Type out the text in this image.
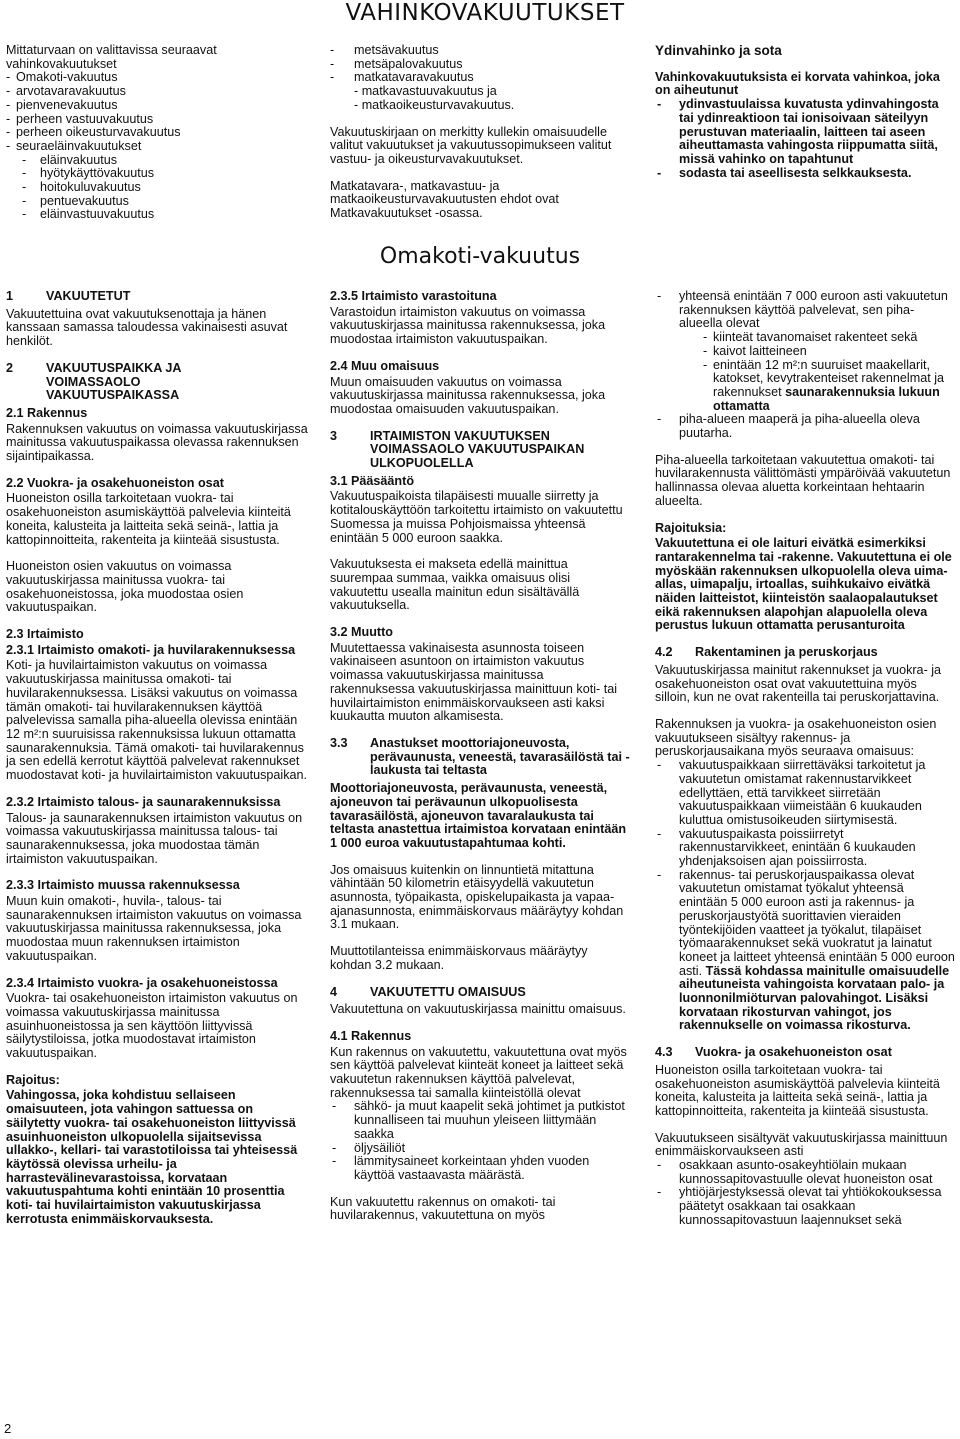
VAHINKOVAKUUTUKSET

Mittaturvaan on valittavissa seuraavat vahinkovakuutukset

- Omakoti-vakuutus
- arvotavaravakuutus
- pienvenevakuutus
- perheen vastuuvakuutus
- perheen oikeusturvavakuutus
- seuraeläinvakuutukset
- eläinvakuutus
- hyötykäyttövakuutus
- hoitokuluvakuutus
- pentuevakuutus
- eläinvastuuvakuutus
- metsävakuutus
- metsäpalovakuutus
- matkatavaravakuutus
- matkavastuuvakuutus ja
- matkaoikeusturvavakuutus.

Vakuutuskirjaan on merkitty kullekin omaisuudelle valitut vakuutukset ja vakuutussopimukseen valitut vastuu- ja oikeusturvavakuutukset.

Matkatavara-, matkavastuu- ja matkaoikeusturvavakuutusten ehdot ovat Matkavakuutukset -osassa.

Ydinvahinko ja sota

Vahinkovakuutuksista ei korvata vahinkoa, joka on aiheutunut

- ydinvastuulaissa kuvatusta ydinvahingosta tai ydinreaktioon tai ionisoivaan säteilyyn perustuvan materiaalin, laitteen tai aseen aiheuttamasta vahingosta riippumatta siitä, missä vahinko on tapahtunut
- sodasta tai aseellisesta selkkauksesta.
Omakoti-vakuutus
1	VAKUUTETUT

Vakuutettuina ovat vakuutuksenottaja ja hänen kanssaan samassa taloudessa vakinaisesti asuvat henkilöt.

2	VAKUUTUSPAIKKA JA VOIMASSAOLO VAKUUTUSPAIKASSA
2.1 Rakennus

Rakennuksen vakuutus on voimassa vakuutuskirjassa mainitussa vakuutuspaikassa olevassa rakennuksen sijaintipaikassa.

2.2 Vuokra- ja osakehuoneiston osat

Huoneiston osilla tarkoitetaan vuokra- tai osakehuoneiston asumiskäyttöä palvelevia kiinteitä koneita, kalusteita ja laitteita sekä seinä-, lattia ja kattopinnoitteita, rakenteita ja kiinteää sisustusta.

Huoneiston osien vakuutus on voimassa vakuutuskirjassa mainitussa vuokra- tai osakehuoneistossa, joka muodostaa osien vakuutuspaikan.

2.3 Irtaimisto
2.3.1 Irtaimisto omakoti- ja huvilarakennuksessa

Koti- ja huvilairtaimiston vakuutus on voimassa vakuutuskirjassa mainitussa omakoti- tai huvilarakennuksessa. Lisäksi vakuutus on voimassa tämän omakoti- tai huvilarakennuksen käyttöä palvelevissa samalla piha-alueella olevissa enintään 12 m²:n suuruisissa rakennuksissa lukuun ottamatta saunarakennuksia. Tämä omakoti- tai huvilarakennus ja sen edellä kerrotut käyttöä palvelevat rakennukset muodostavat koti- ja huvilairtaimiston vakuutuspaikan.

2.3.2 Irtaimisto talous- ja saunarakennuksissa

Talous- ja saunarakennuksen irtaimiston vakuutus on voimassa vakuutuskirjassa mainitussa talous- tai saunarakennuksessa, joka muodostaa tämän irtaimiston vakuutuspaikan.

2.3.3 Irtaimisto muussa rakennuksessa

Muun kuin omakoti-, huvila-, talous- tai saunarakennuksen irtaimiston vakuutus on voimassa vakuutuskirjassa mainitussa rakennuksessa, joka muodostaa muun rakennuksen irtaimiston vakuutuspaikan.

2.3.4 Irtaimisto vuokra- ja osakehuoneistossa

Vuokra- tai osakehuoneiston irtaimiston vakuutus on voimassa vakuutuskirjassa mainitussa asuinhuoneistossa ja sen käyttöön liittyvissä säilytystiloissa, jotka muodostavat irtaimiston vakuutuspaikan.

Rajoitus:

Vahingossa, joka kohdistuu sellaiseen omaisuuteen, jota vahingon sattuessa on säilytetty vuokra- tai osakehuoneiston liittyvissä asuinhuoneiston ulkopuolella sijaitsevissa ullakko-, kellari- tai varastotiloissa tai yhteisessä käytössä olevissa urheilu- ja harrastevälinevarastoissa, korvataan vakuutuspahtuma kohti enintään 10 prosenttia koti- tai huvilairtaimiston vakuutuskirjassa kerrotusta enimmäiskorvauksesta.

2.3.5 Irtaimisto varastoituna

Varastoidun irtaimiston vakuutus on voimassa vakuutuskirjassa mainitussa rakennuksessa, joka muodostaa irtaimiston vakuutuspaikan.

2.4 Muu omaisuus

Muun omaisuuden vakuutus on voimassa vakuutuskirjassa mainitussa rakennuksessa, joka muodostaa omaisuuden vakuutuspaikan.

3	IRTAIMISTON VAKUUTUKSEN VOIMASSAOLO VAKUUTUSPAIKAN ULKOPUOLELLA
3.1 Pääsääntö

Vakuutuspaikoista tilapäisesti muualle siirretty ja kotitalouskäyttöön tarkoitettu irtaimisto on vakuutettu Suomessa ja muissa Pohjoismaissa yhteensä enintään 5 000 euroon saakka.

Vakuutuksesta ei makseta edellä mainittua suurempaa summaa, vaikka omaisuus olisi vakuutettu usealla mainitun edun sisältävällä vakuutuksella.

3.2 Muutto

Muutettaessa vakinaisesta asunnosta toiseen vakinaiseen asuntoon on irtaimiston vakuutus voimassa vakuutuskirjassa mainitussa rakennuksessa vakuutuskirjassa mainittuun koti- tai huvilairtaimiston enimmäiskorvaukseen asti kaksi kuukautta muuton alkamisesta.

3.3	Anastukset moottoriajoneuvosta, perävaunusta, veneestä, tavarasäilöstä tai -laukusta tai teltasta

Moottoriajoneuvosta, perävaunusta, veneestä, ajoneuvon tai perävaunun ulkopuolisesta tavarasäilöstä, ajoneuvon tavaralaukusta tai teltasta anastettua irtaimistoa korvataan enintään 1 000 euroa vakuutustapahtumaa kohti.

Jos omaisuus kuitenkin on linnuntietä mitattuna vähintään 50 kilometrin etäisyydellä vakuutetun asunnosta, työpaikasta, opiskelupaikasta ja vapaa-ajanasunnosta, enimmäiskorvaus määräytyy kohdan 3.1 mukaan.

Muuttotilanteissa enimmäiskorvaus määräytyy kohdan 3.2 mukaan.

4	VAKUUTETTU OMAISUUS

Vakuutettuna on vakuutuskirjassa mainittu omaisuus.

4.1 Rakennus

Kun rakennus on vakuutettu, vakuutettuna ovat myös sen käyttöä palvelevat kiinteät koneet ja laitteet sekä vakuutetun rakennuksen käyttöä palvelevat, rakennuksessa tai samalla kiinteistöllä olevat

- sähkö- ja muut kaapelit sekä johtimet ja putkistot kunnalliseen tai muuhun yleiseen liittymään saakka
- öljysäiliöt
- lämmitysaineet korkeintaan yhden vuoden käyttöä vastaavasta määrästä.

Kun vakuutettu rakennus on omakoti- tai huvilarakennus, vakuutettuna on myös

- yhteensä enintään 7 000 euroon asti vakuutetun rakennuksen käyttöä palvelevat, sen piha-alueella olevat
- kiinteät tavanomaiset rakenteet sekä
- kaivot laitteineen
- enintään 12 m²:n suuruiset maakellarit, katokset, kevytrakenteiset rakennelmat ja rakennukset saunarakennuksia lukuun ottamatta
- piha-alueen maaperä ja piha-alueella oleva puutarha.

Piha-alueella tarkoitetaan vakuutettua omakoti- tai huvilarakennusta välittömästi ympäröivää vakuutetun hallinnassa olevaa aluetta korkeintaan hehtaarin alueelta.

Rajoituksia:

Vakuutettuna ei ole laituri eivätkä esimerkiksi rantarakennelma tai -rakenne. Vakuutettuna ei ole myöskään rakennuksen ulkopuolella oleva uima-allas, uimapalju, irtoallas, suihkukaivo eivätkä näiden laitteistot, kiinteistön saalaopalautukset eikä rakennuksen alapohjan alapuolella oleva perustus lukuun ottamatta perusanturoita

4.2	Rakentaminen ja peruskorjaus

Vakuutuskirjassa mainitut rakennukset ja vuokra- ja osakehuoneiston osat ovat vakuutettuina myös silloin, kun ne ovat rakenteilla tai peruskorjattavina.

Rakennuksen ja vuokra- ja osakehuoneiston osien vakuutukseen sisältyy rakennus- ja peruskorjausaikana myös seuraava omaisuus:

- vakuutuspaikkaan siirrettäväksi tarkoitetut ja vakuutetun omistamat rakennustarvikkeet edellyttäen, että tarvikkeet siirretään vakuutuspaikkaan viimeistään 6 kuukauden kuluttua omistusoikeuden siirtymisestä.
- vakuutuspaikasta poissiirretyt rakennustarvikkeet, enintään 6 kuukauden yhdenjaksoisen ajan poissiirrosta.
- rakennus- tai peruskorjauspaikassa olevat vakuutetun omistamat työkalut yhteensä enintään 5 000 euroon asti ja rakennus- ja peruskorjaustyötä suorittavien vieraiden työntekijöiden vaatteet ja työkalut, tilapäiset työmaarakennukset sekä vuokratut ja lainatut koneet ja laitteet yhteensä enintään 5 000 euroon asti. Tässä kohdassa mainitulle omaisuudelle aiheutuneista vahingoista korvataan palo- ja luonnonilmiöturvan palovahingot. Lisäksi korvataan rikosturvan vahingot, jos rakennukselle on voimassa rikosturva.
4.3	Vuokra- ja osakehuoneiston osat

Huoneiston osilla tarkoitetaan vuokra- tai osakehuoneiston asumiskäyttöä palvelevia kiinteitä koneita, kalusteita ja laitteita sekä seinä-, lattia ja kattopinnoitteita, rakenteita ja kiinteää sisustusta.

Vakuutukseen sisältyvät vakuutuskirjassa mainittuun enimmäiskorvaukseen asti

- osakkaan asunto-osakeyhtiölain mukaan kunnossapitovastuulle olevat huoneiston osat
- yhtiöjärjestyksessä olevat tai yhtiökokouksessa päätetyt osakkaan tai osakkaan kunnossapitovastuun laajennukset sekä
2
